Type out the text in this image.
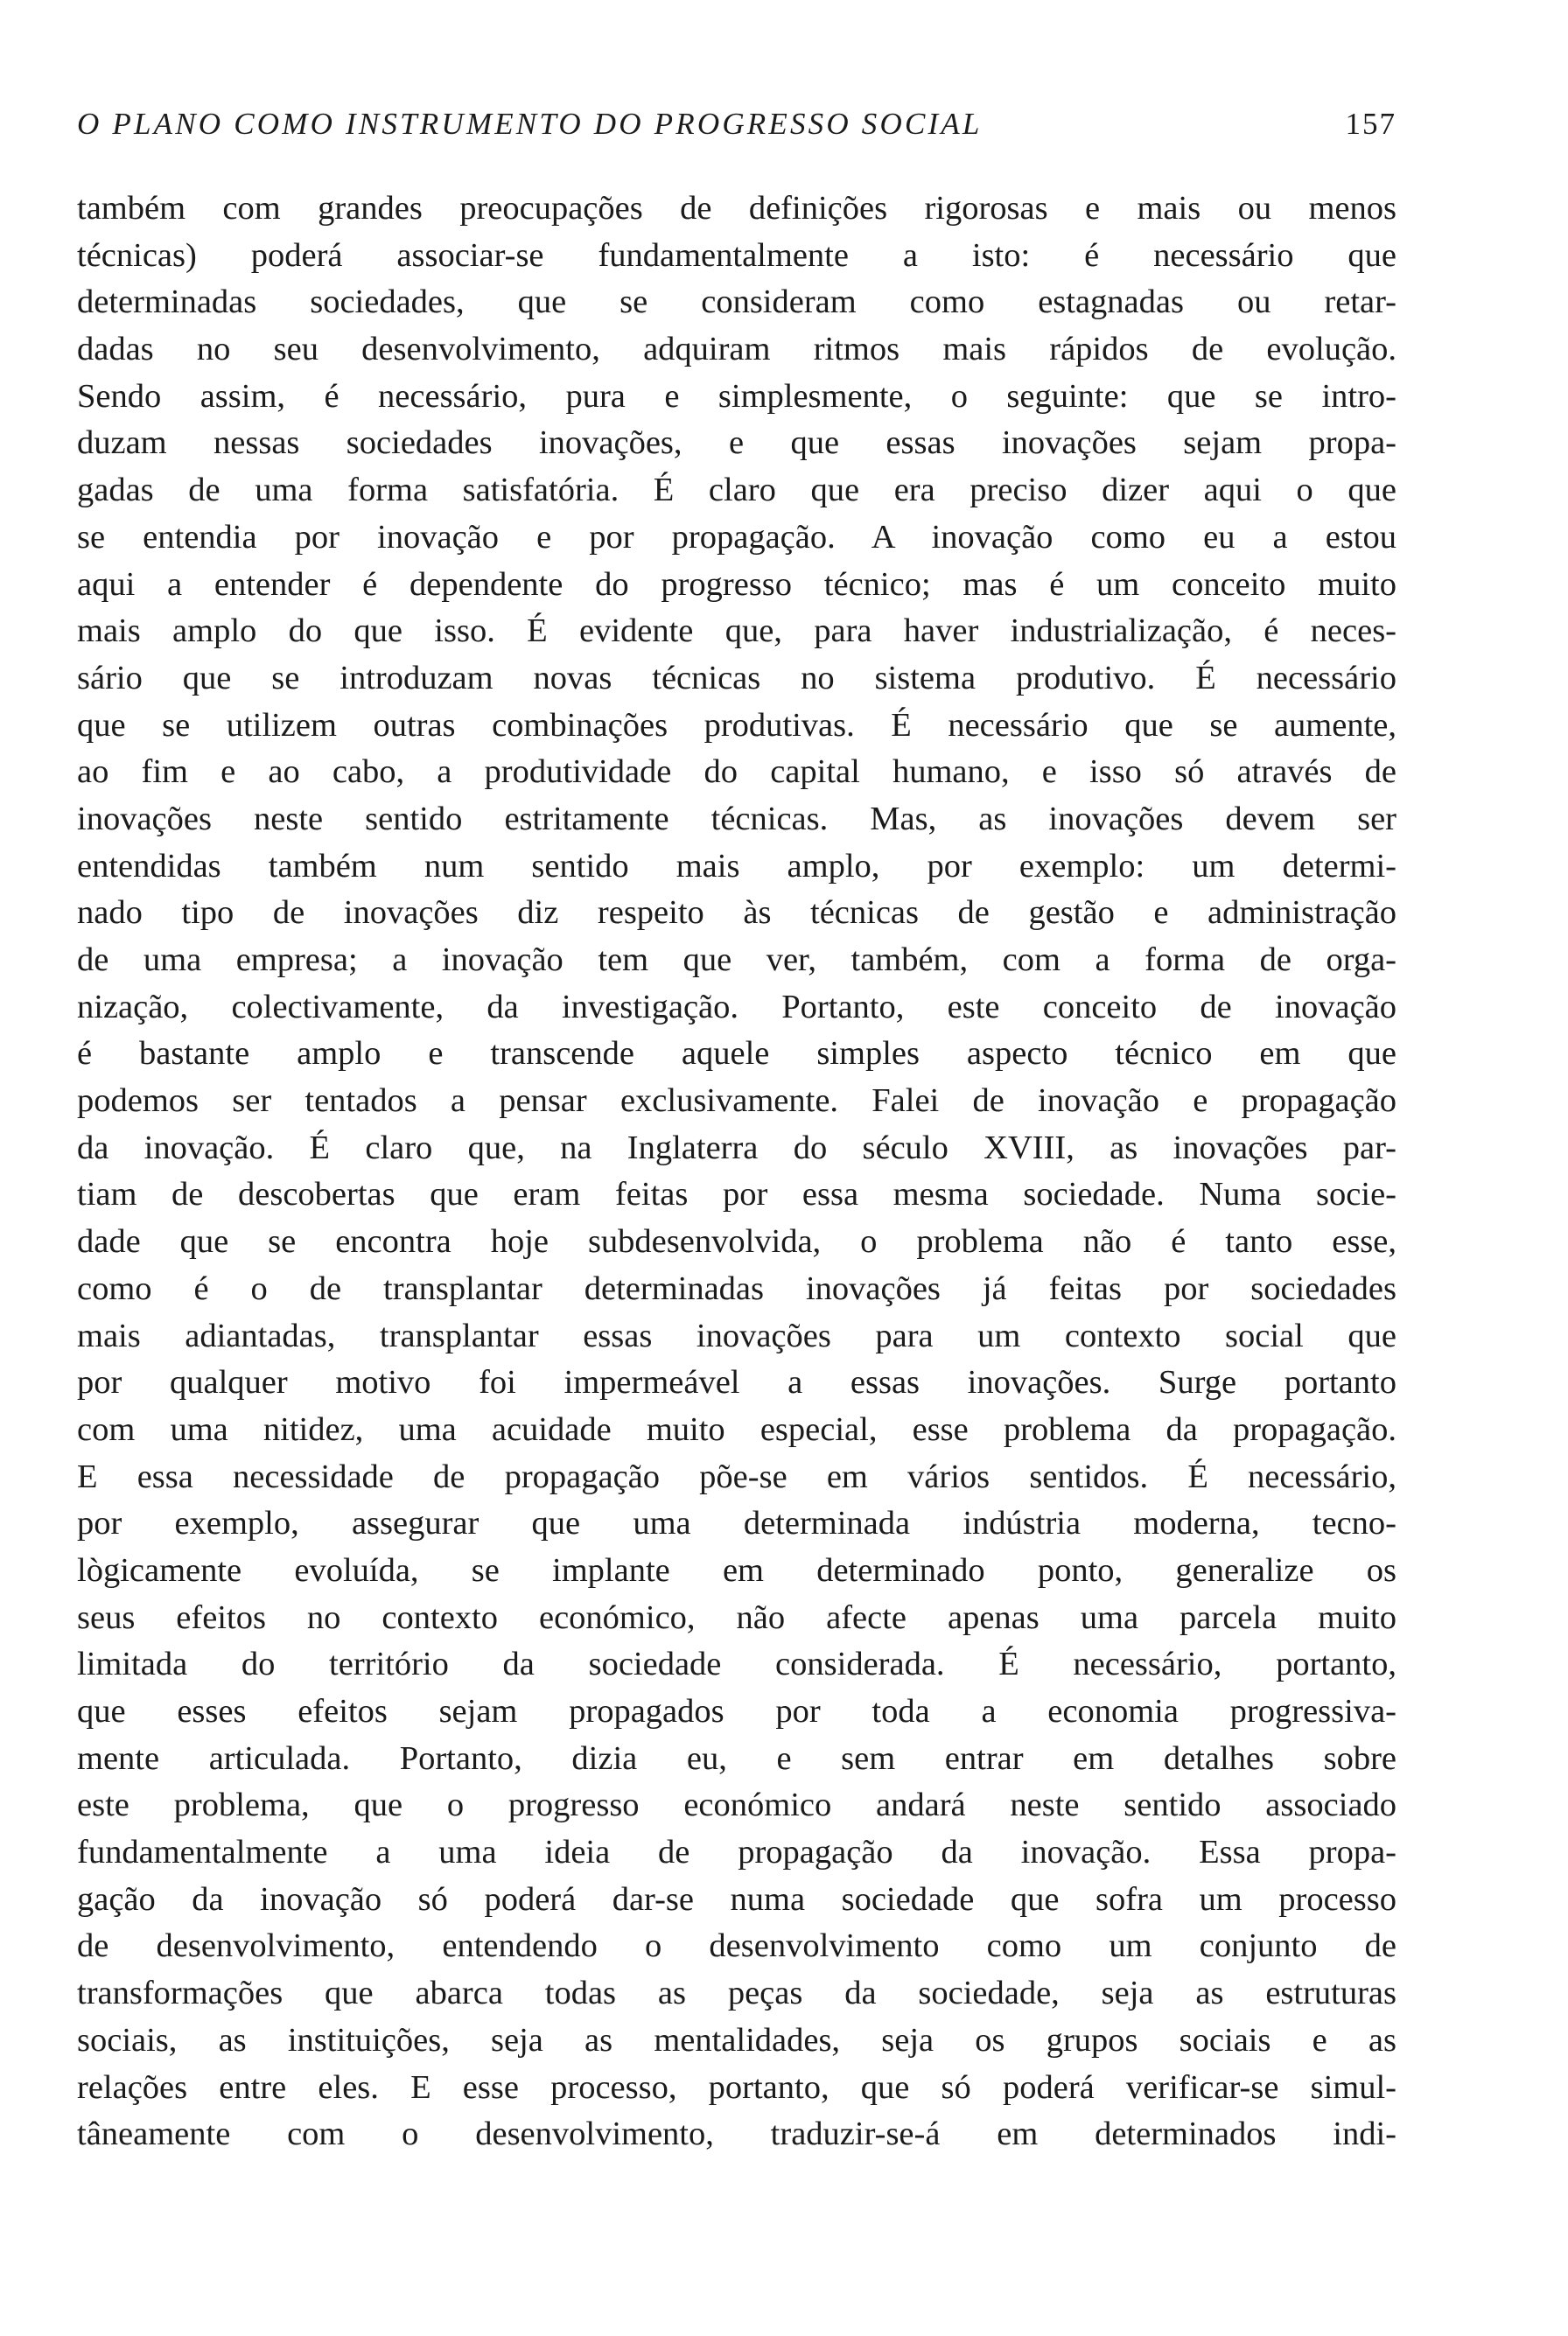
O PLANO COMO INSTRUMENTO DO PROGRESSO SOCIAL	157
também com grandes preocupações de definições rigorosas e mais ou menos
técnicas) poderá associar-se fundamentalmente a isto: é necessário que
determinadas sociedades, que se consideram como estagnadas ou retar-
dadas no seu desenvolvimento, adquiram ritmos mais rápidos de evolução.
Sendo assim, é necessário, pura e simplesmente, o seguinte: que se intro-
duzam nessas sociedades inovações, e que essas inovações sejam propa-
gadas de uma forma satisfatória. É claro que era preciso dizer aqui o que
se entendia por inovação e por propagação. A inovação como eu a estou
aqui a entender é dependente do progresso técnico; mas é um conceito muito
mais amplo do que isso. É evidente que, para haver industrialização, é neces-
sário que se introduzam novas técnicas no sistema produtivo. É necessário
que se utilizem outras combinações produtivas. É necessário que se aumente,
ao fim e ao cabo, a produtividade do capital humano, e isso só através de
inovações neste sentido estritamente técnicas. Mas, as inovações devem ser
entendidas também num sentido mais amplo, por exemplo: um determi-
nado tipo de inovações diz respeito às técnicas de gestão e administração
de uma empresa; a inovação tem que ver, também, com a forma de orga-
nização, colectivamente, da investigação. Portanto, este conceito de inovação
é bastante amplo e transcende aquele simples aspecto técnico em que
podemos ser tentados a pensar exclusivamente. Falei de inovação e propagação
da inovação. É claro que, na Inglaterra do século XVIII, as inovações par-
tiam de descobertas que eram feitas por essa mesma sociedade. Numa socie-
dade que se encontra hoje subdesenvolvida, o problema não é tanto esse,
como é o de transplantar determinadas inovações já feitas por sociedades
mais adiantadas, transplantar essas inovações para um contexto social que
por qualquer motivo foi impermeável a essas inovações. Surge portanto
com uma nitidez, uma acuidade muito especial, esse problema da propagação.
E essa necessidade de propagação põe-se em vários sentidos. É necessário,
por exemplo, assegurar que uma determinada indústria moderna, tecno-
lògicamente evoluída, se implante em determinado ponto, generalize os
seus efeitos no contexto económico, não afecte apenas uma parcela muito
limitada do território da sociedade considerada. É necessário, portanto,
que esses efeitos sejam propagados por toda a economia progressiva-
mente articulada. Portanto, dizia eu, e sem entrar em detalhes sobre
este problema, que o progresso económico andará neste sentido associado
fundamentalmente a uma ideia de propagação da inovação. Essa propa-
gação da inovação só poderá dar-se numa sociedade que sofra um processo
de desenvolvimento, entendendo o desenvolvimento como um conjunto de
transformações que abarca todas as peças da sociedade, seja as estruturas
sociais, as instituições, seja as mentalidades, seja os grupos sociais e as
relações entre eles. E esse processo, portanto, que só poderá verificar-se simul-
tâneamente com o desenvolvimento, traduzir-se-á em determinados indi-
